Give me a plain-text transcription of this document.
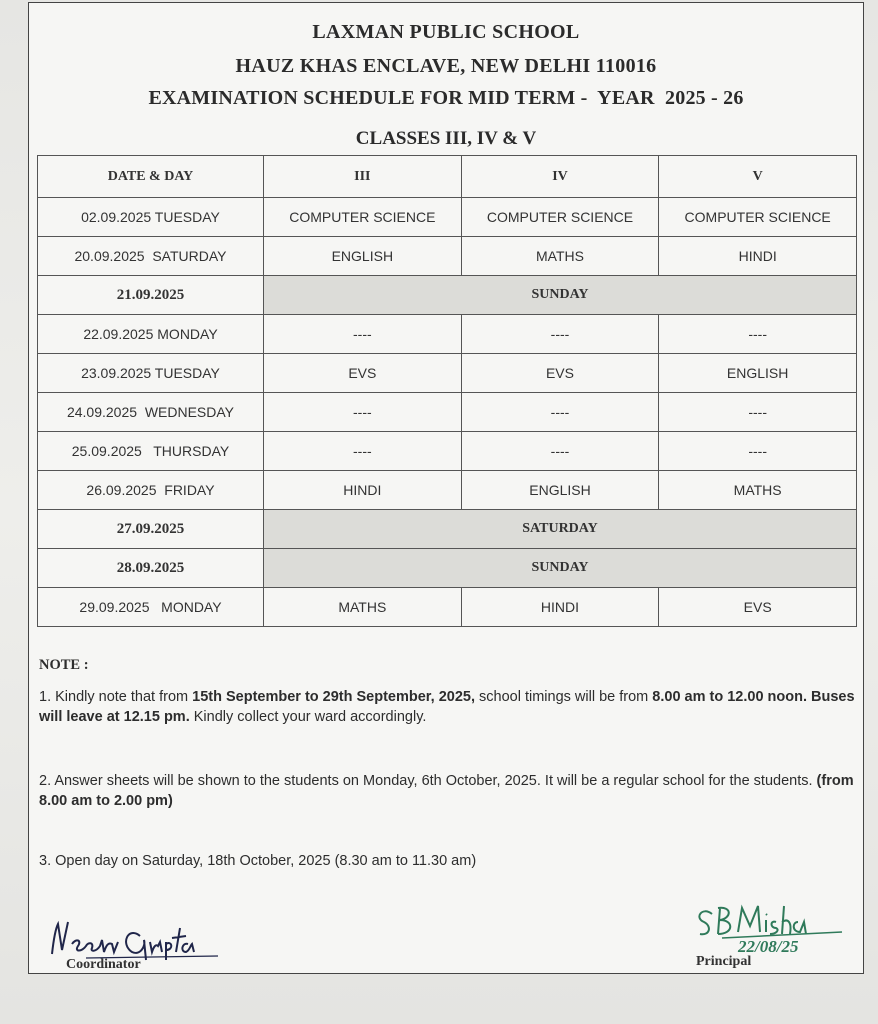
LAXMAN PUBLIC SCHOOL
HAUZ KHAS ENCLAVE, NEW DELHI 110016
EXAMINATION SCHEDULE FOR MID TERM -  YEAR  2025 - 26
CLASSES III, IV & V
DATE & DAY	III	IV	V
02.09.2025 TUESDAY	COMPUTER SCIENCE	COMPUTER SCIENCE	COMPUTER SCIENCE
20.09.2025  SATURDAY	ENGLISH	MATHS	HINDI
21.09.2025	SUNDAY		
22.09.2025 MONDAY	----	----	----
23.09.2025 TUESDAY	EVS	EVS	ENGLISH
24.09.2025  WEDNESDAY	----	----	----
25.09.2025   THURSDAY	----	----	----
26.09.2025  FRIDAY	HINDI	ENGLISH	MATHS
27.09.2025	SATURDAY		
28.09.2025	SUNDAY		
29.09.2025   MONDAY	MATHS	HINDI	EVS
NOTE :
1. Kindly note that from 15th September to 29th September, 2025, school timings will be from 8.00 am to 12.00 noon. Buses will leave at 12.15 pm. Kindly collect your ward accordingly.
2. Answer sheets will be shown to the students on Monday, 6th October, 2025. It will be a regular school for the students. (from 8.00 am to 2.00 pm)
3. Open day on Saturday, 18th October, 2025 (8.30 am to 11.30 am)
Coordinator
22/08/25
Principal
